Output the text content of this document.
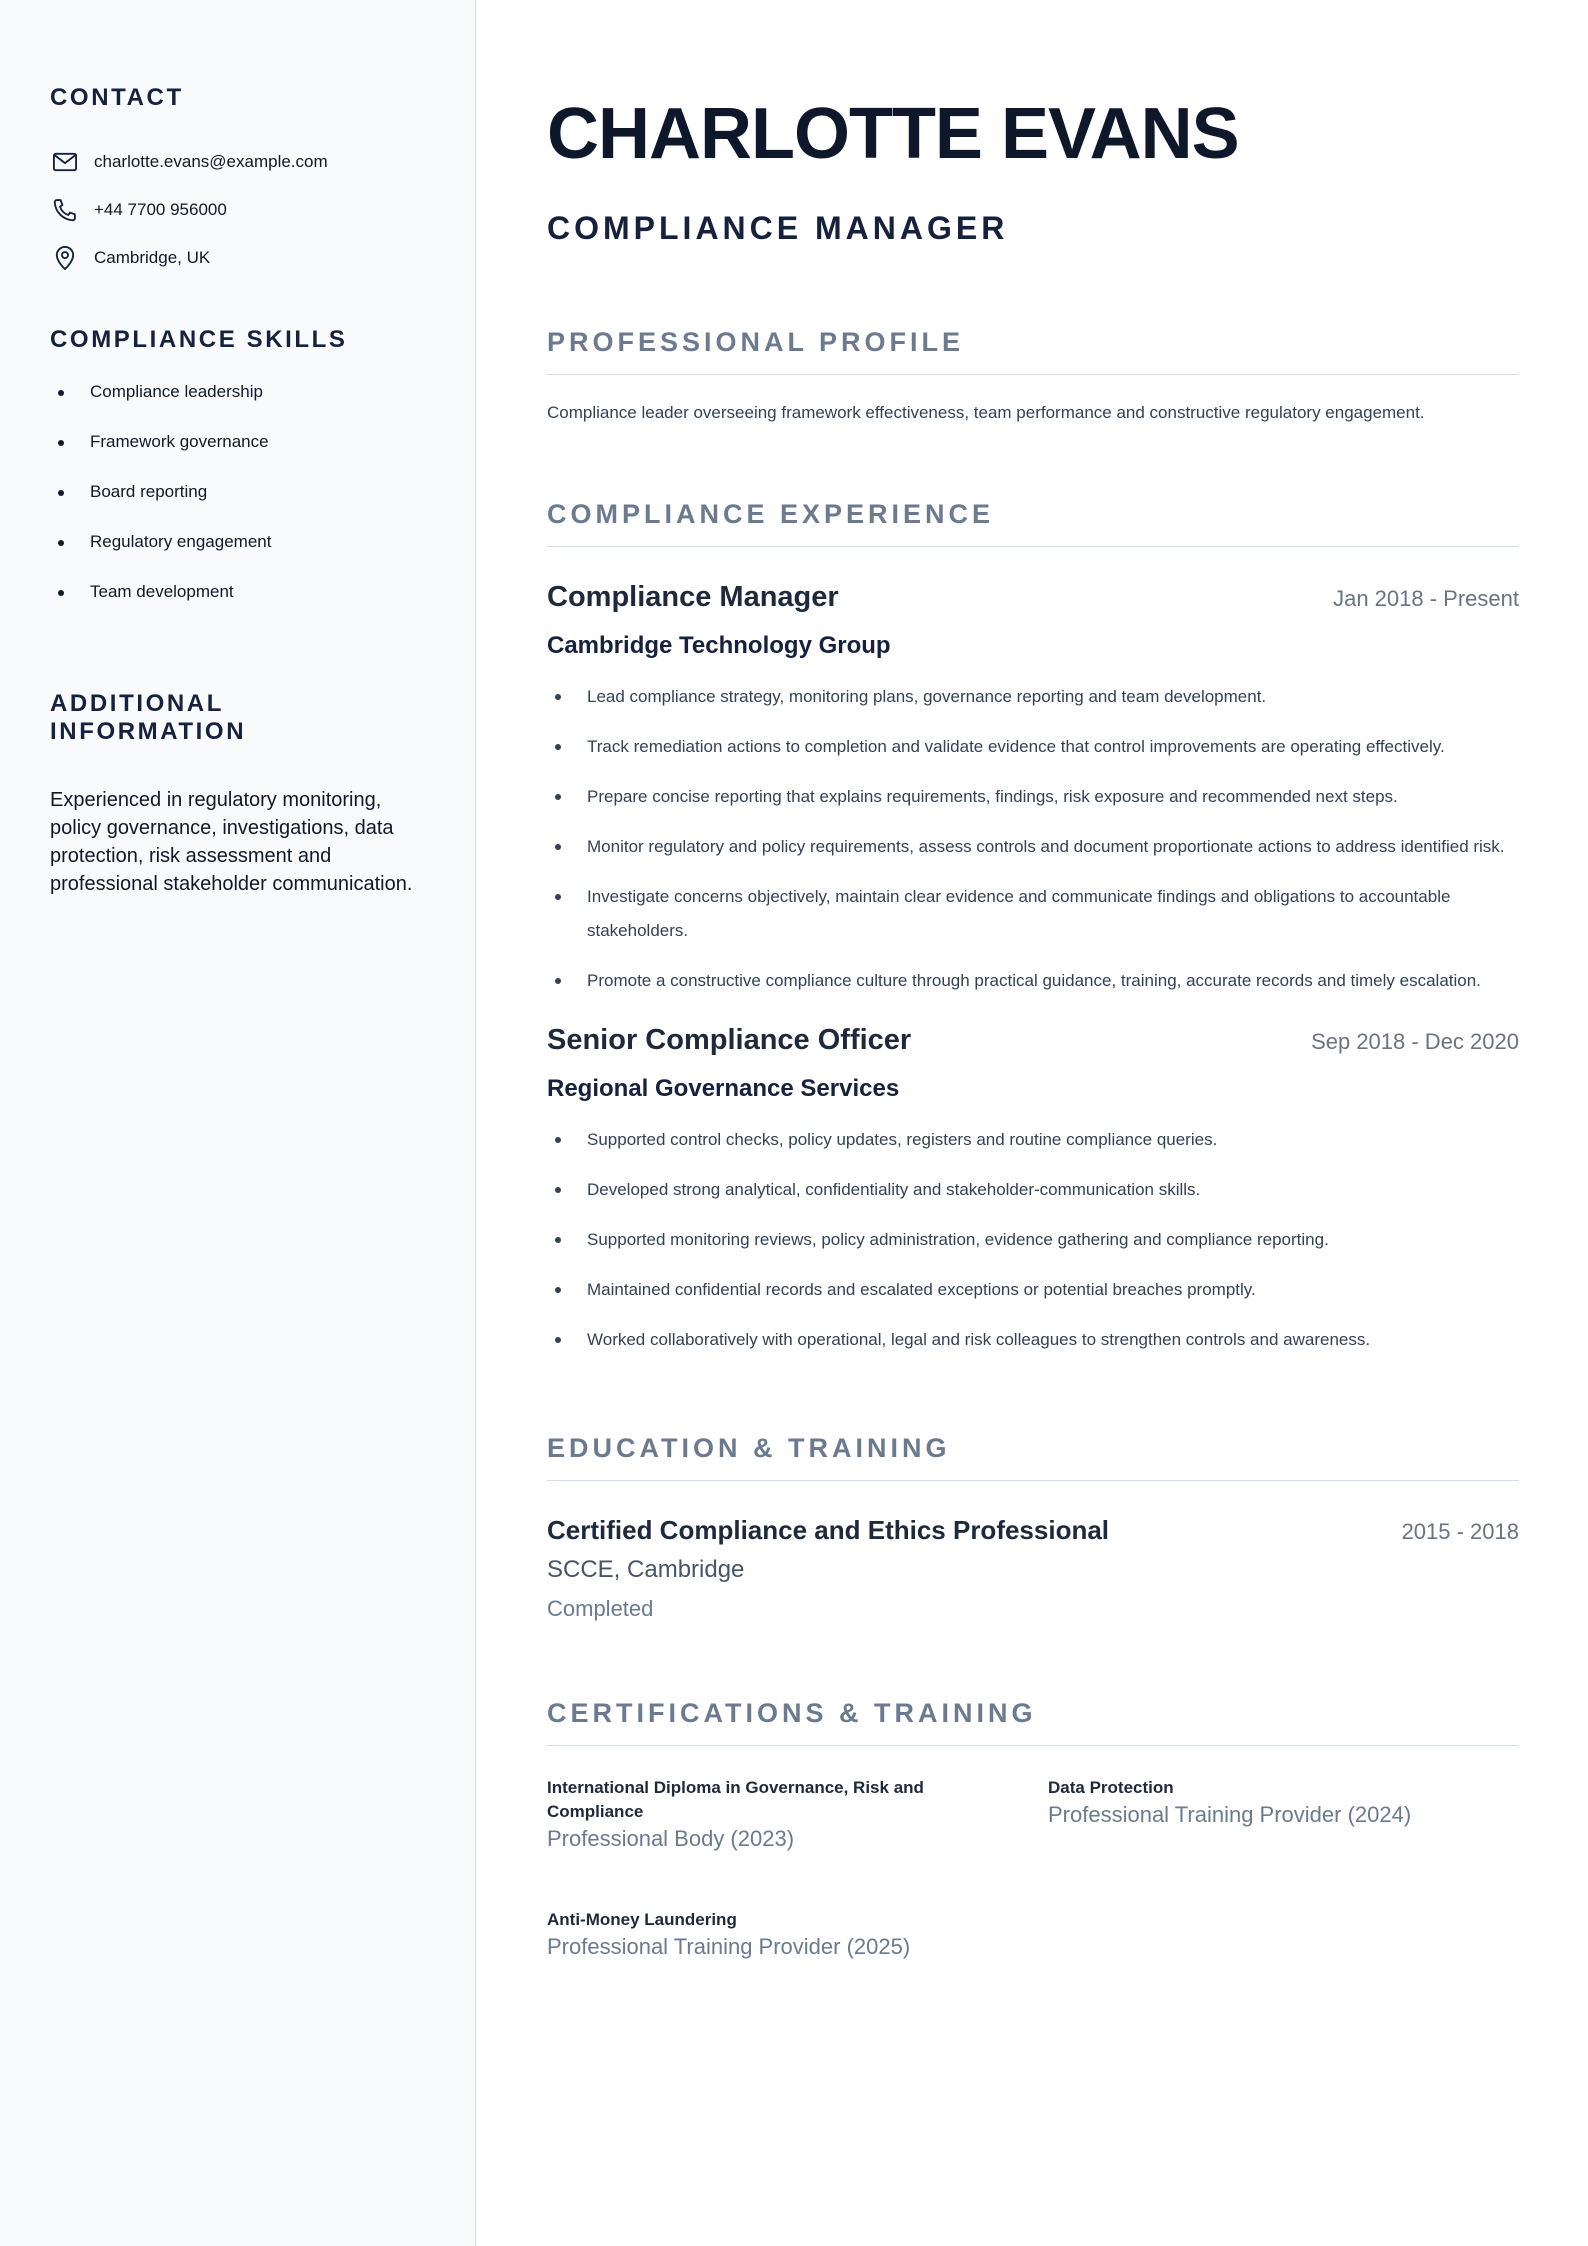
CONTACT
charlotte.evans@example.com
+44 7700 956000
Cambridge, UK
COMPLIANCE SKILLS
Compliance leadership
Framework governance
Board reporting
Regulatory engagement
Team development
ADDITIONAL INFORMATION

Experienced in regulatory monitoring, policy governance, investigations, data protection, risk assessment and professional stakeholder communication.

CHARLOTTE EVANS
COMPLIANCE MANAGER
PROFESSIONAL PROFILE

Compliance leader overseeing framework effectiveness, team performance and constructive regulatory engagement.

COMPLIANCE EXPERIENCE
Compliance Manager	Jan 2018 - Present
Cambridge Technology Group
Lead compliance strategy, monitoring plans, governance reporting and team development.
Track remediation actions to completion and validate evidence that control improvements are operating effectively.
Prepare concise reporting that explains requirements, findings, risk exposure and recommended next steps.
Monitor regulatory and policy requirements, assess controls and document proportionate actions to address identified risk.
Investigate concerns objectively, maintain clear evidence and communicate findings and obligations to accountable stakeholders.
Promote a constructive compliance culture through practical guidance, training, accurate records and timely escalation.
Senior Compliance Officer	Sep 2018 - Dec 2020
Regional Governance Services
Supported control checks, policy updates, registers and routine compliance queries.
Developed strong analytical, confidentiality and stakeholder-communication skills.
Supported monitoring reviews, policy administration, evidence gathering and compliance reporting.
Maintained confidential records and escalated exceptions or potential breaches promptly.
Worked collaboratively with operational, legal and risk colleagues to strengthen controls and awareness.
EDUCATION & TRAINING
Certified Compliance and Ethics Professional	2015 - 2018
SCCE, Cambridge
Completed
CERTIFICATIONS & TRAINING
International Diploma in Governance, Risk and Compliance
Professional Body (2023)
Data Protection
Professional Training Provider (2024)
Anti-Money Laundering
Professional Training Provider (2025)
